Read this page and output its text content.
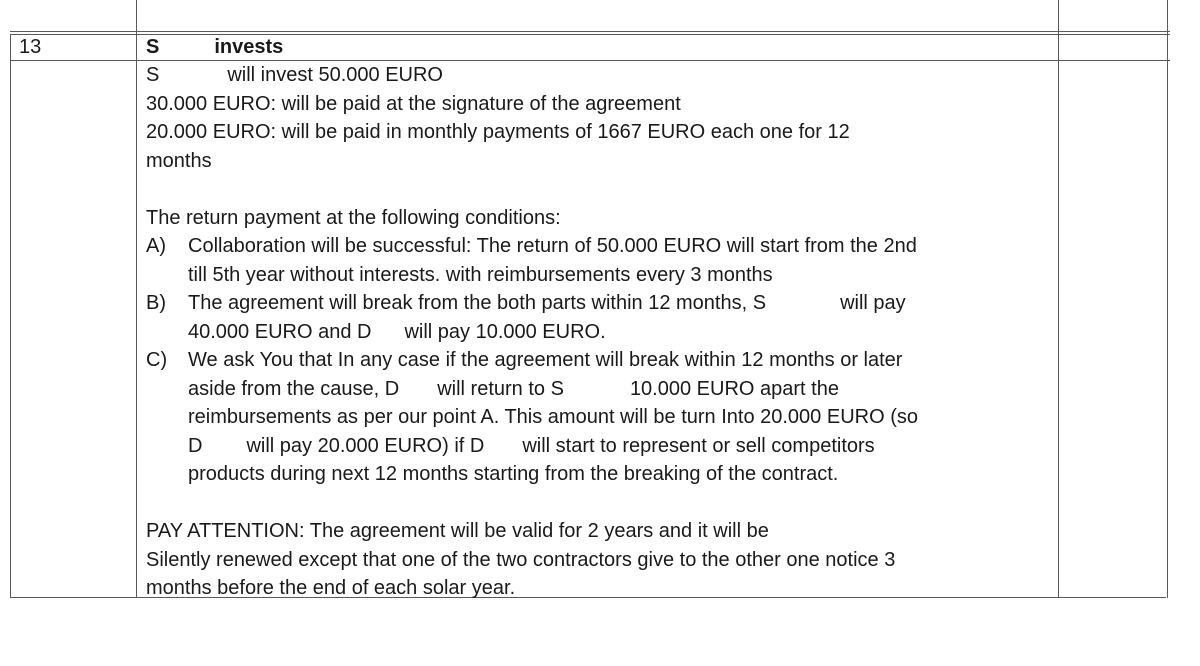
13	S	invests
S	will invest 50.000 EURO
30.000 EURO: will be paid at the signature of the agreement
20.000 EURO: will be paid in monthly payments of 1667 EURO each one for 12
months
The return payment at the following conditions:
A) Collaboration will be successful: The return of 50.000 EURO will start from the 2nd
till 5th year without interests. with reimbursements every 3 months
B) The agreement will break from the both parts within 12 months, S	will pay
40.000 EURO and D will pay 10.000 EURO.
C) We ask You that In any case if the agreement will break within 12 months or later
aside from the cause, D will return to S	10.000 EURO apart the
reimbursements as per our point A. This amount will be turn Into 20.000 EURO (so
D will pay 20.000 EURO) if D will start to represent or sell competitors
products during next 12 months starting from the breaking of the contract.
PAY ATTENTION: The agreement will be valid for 2 years and it will be
Silently renewed except that one of the two contractors give to the other one notice 3
months before the end of each solar year.
